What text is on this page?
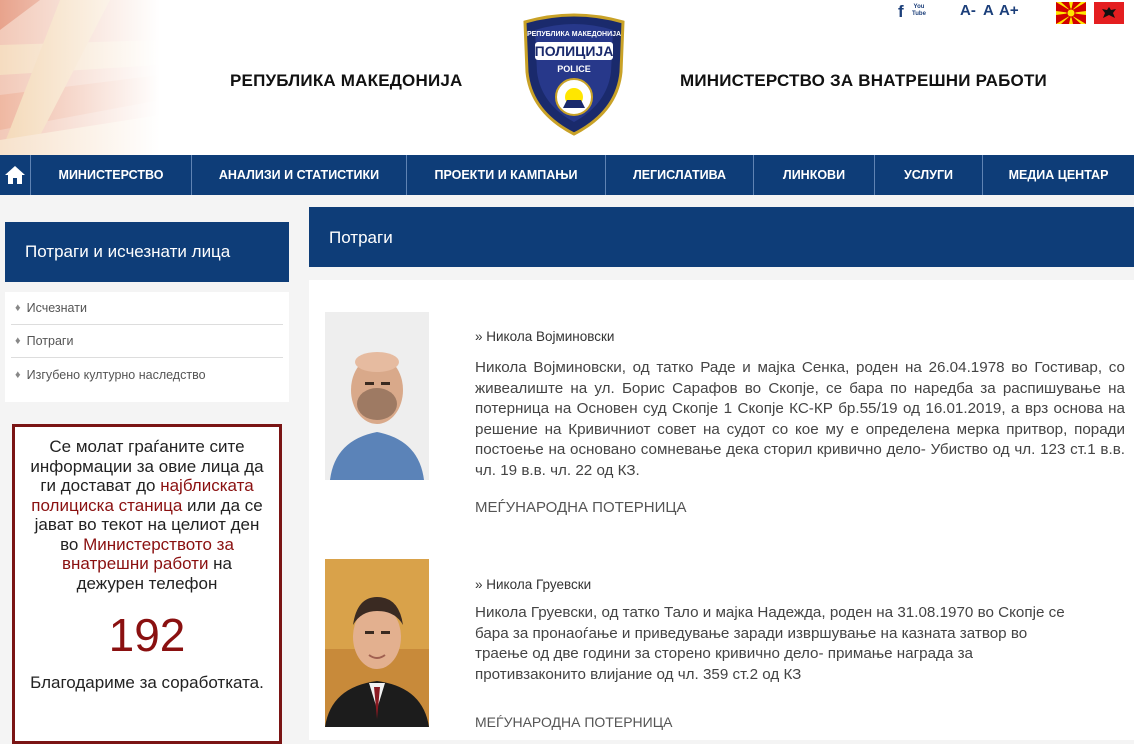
РЕПУБЛИКА МАКЕДОНИЈА
РЕПУБЛИКА МАКЕДОНИЈА
ПОЛИЦИЈА
POLICE
МИНИСТЕРСТВО ЗА ВНАТРЕШНИ РАБОТИ
f	You Tube A- A A+
МИНИСТЕРСТВО	АНАЛИЗИ И СТАТИСТИКИ	ПРОЕКТИ И КАМПАЊИ	ЛЕГИСЛАТИВА	ЛИНКОВИ	УСЛУГИ	МЕДИА ЦЕНТАР
Потраги и исчезнати лица
♦ Исчезнати
♦ Потраги
♦ Изгубено културно наследство
Се молат граѓаните сите информации за овие лица да ги достават до најблиската полициска станица или да се јават во текот на целиот ден во Министерството за внатрешни работи на дежурен телефон
192
Благодариме за соработката.
Потраги
» Никола Војминовски
Никола Војминовски, од татко Раде и мајка Сенка, роден на 26.04.1978 во Гостивар, со живеалиште на ул. Борис Сарафов во Скопје, се бара по наредба за распишување на потерница на Основен суд Скопје 1 Скопје КС-КР бр.55/19 од 16.01.2019, а врз основа на решение на Кривичниот совет на судот со кое му е определена мерка притвор, поради постоење на основано сомневање дека сторил кривично дело- Убиство од чл. 123 ст.1 в.в. чл. 19 в.в. чл. 22 од КЗ.
МЕЃУНАРОДНА ПОТЕРНИЦА
» Никола Груевски
Никола Груевски, од татко Тало и мајка Надежда, роден на 31.08.1970 во Скопје се бара за пронаоѓање и приведување заради извршување на казната затвор во траење од две години за сторено кривично дело- примање награда за противзаконито влијание од чл. 359 ст.2 од КЗ
МЕЃУНАРОДНА ПОТЕРНИЦА
